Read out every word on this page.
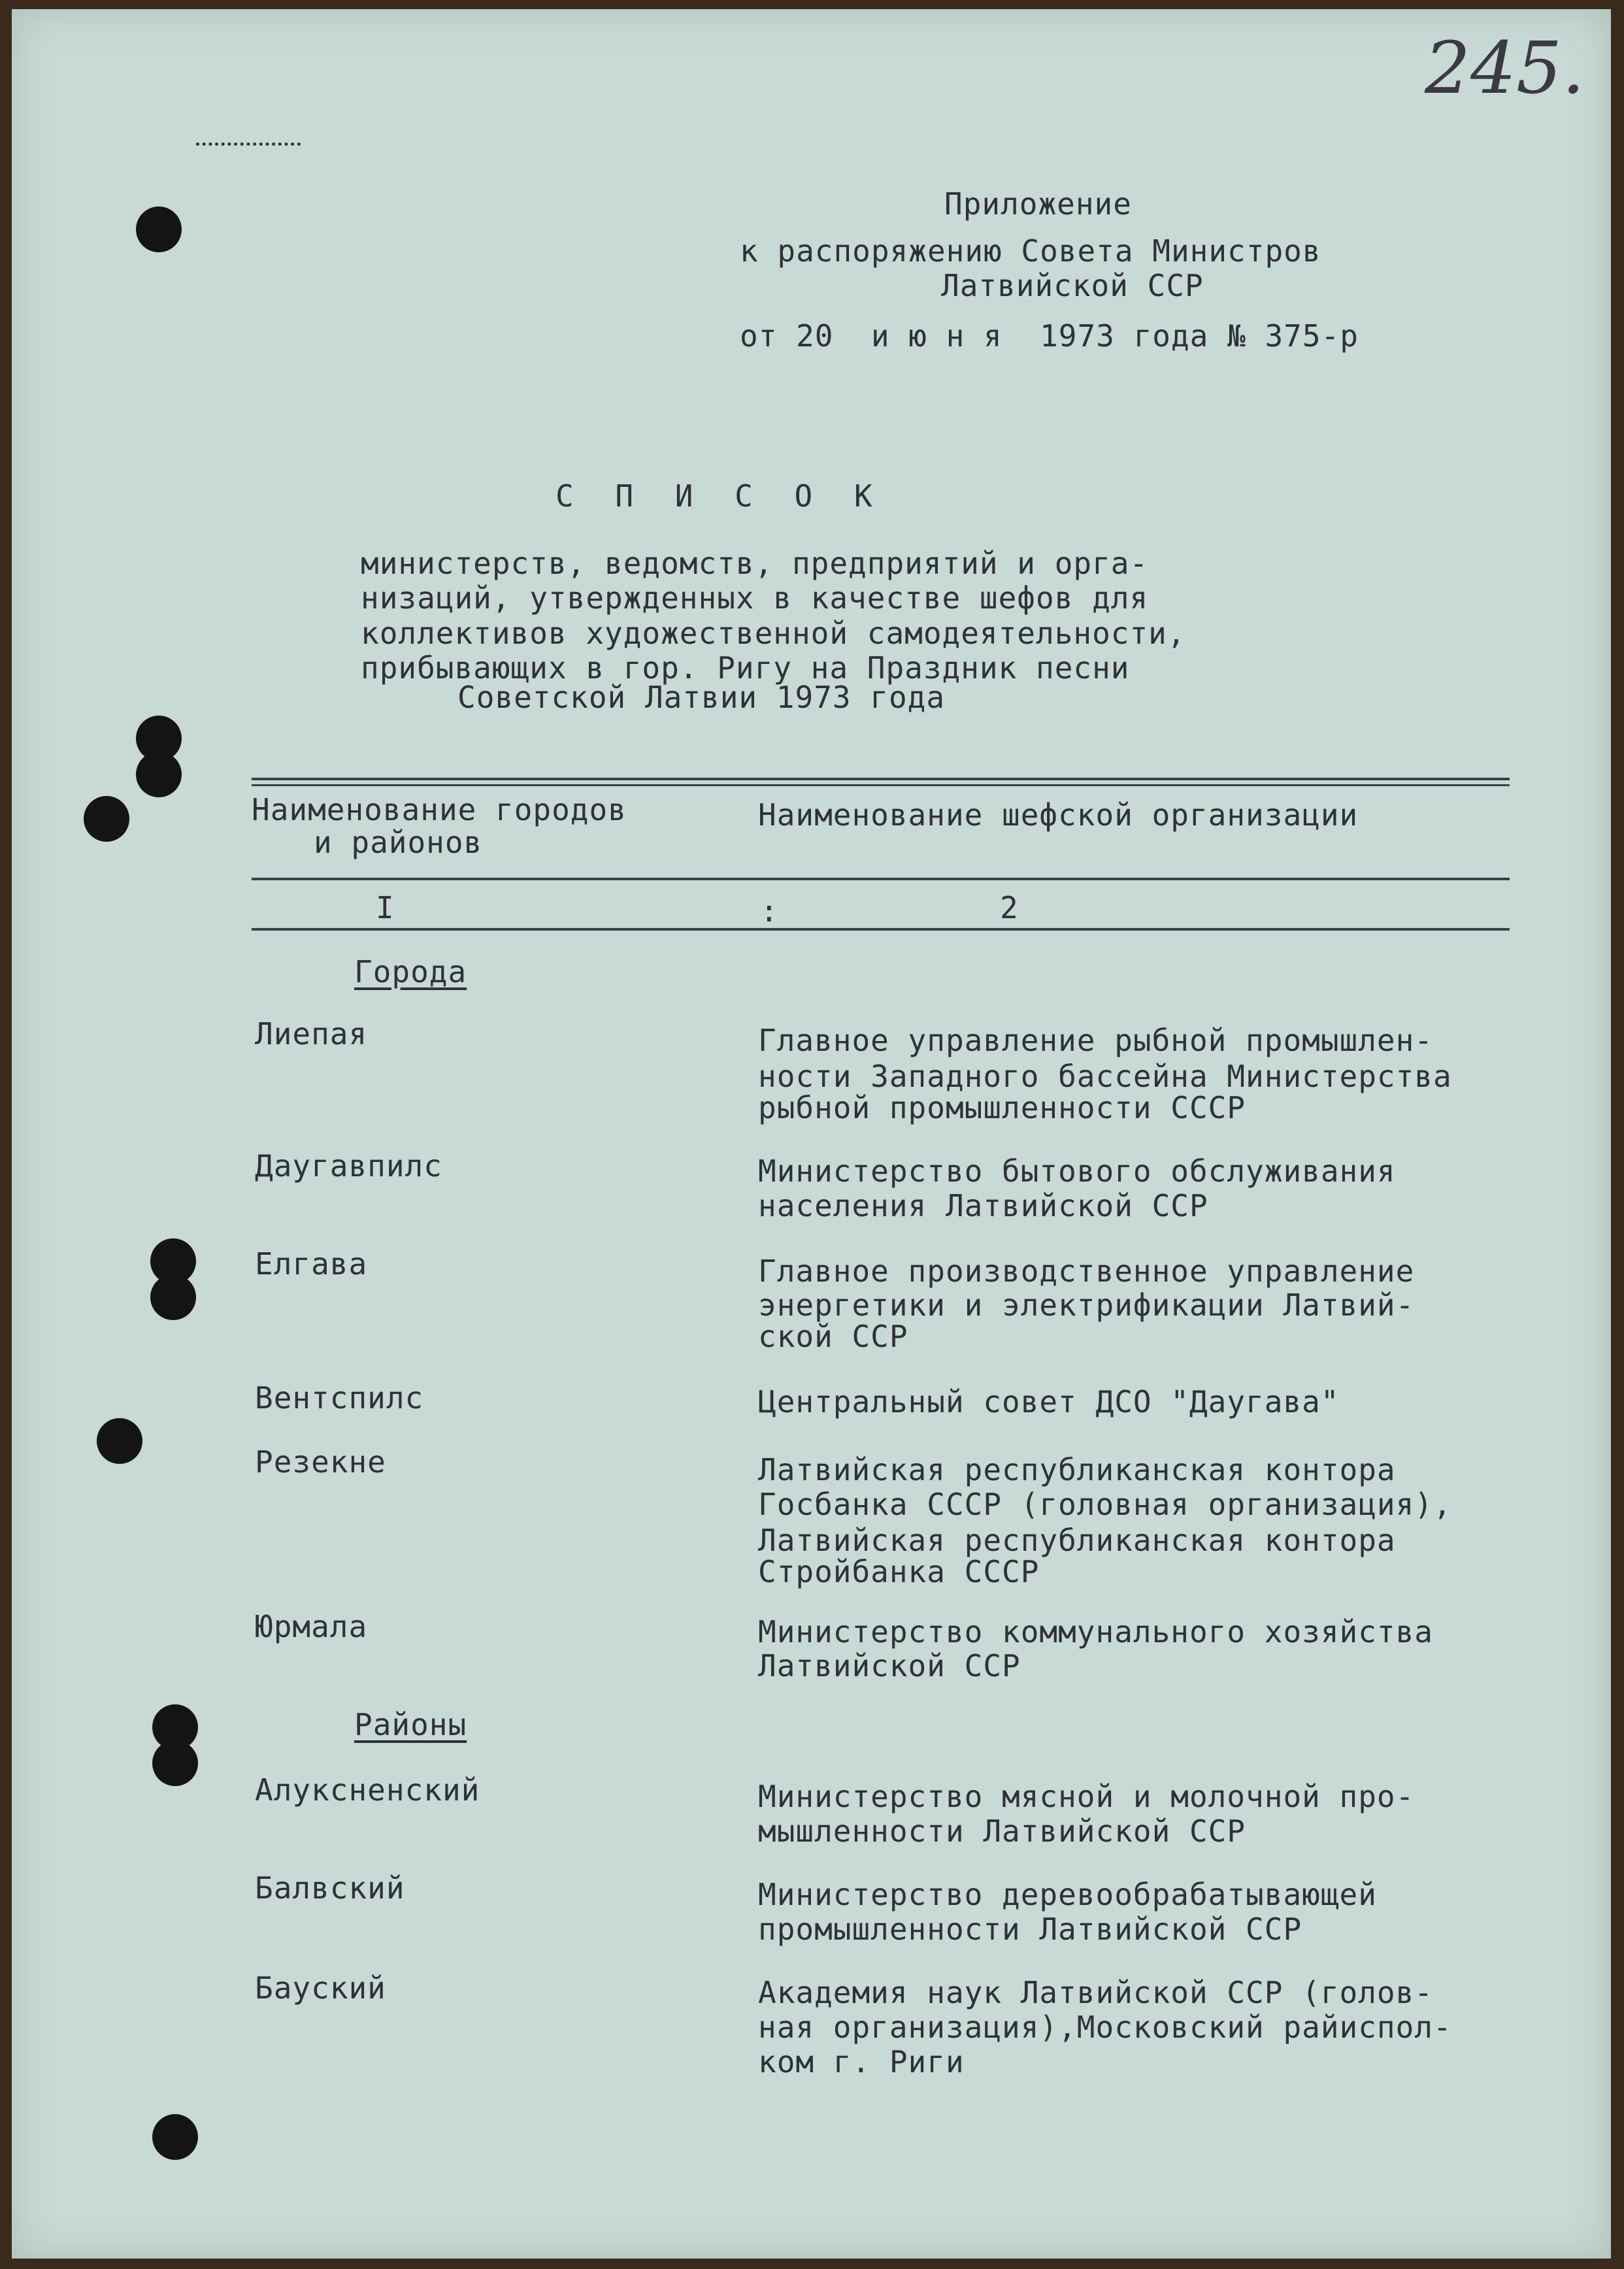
245.
Приложение
к распоряжению Совета Министров
Латвийской ССР
от 20  и ю н я  1973 года № 375-р
С П И С О К
министерств, ведомств, предприятий и орга-
низаций, утвержденных в качестве шефов для
коллективов художественной самодеятельности,
прибывающих в гор. Ригу на Праздник песни
Советской Латвии 1973 года
Наименование городов
и районов
Наименование шефской организации
I	:	2
Города
Лиепая	Главное управление рыбной промышлен-
ности Западного бассейна Министерства
рыбной промышленности СССР
Даугавпилс	Министерство бытового обслуживания
населения Латвийской ССР
Елгава	Главное производственное управление
энергетики и электрификации Латвий-
ской ССР
Вентспилс	Центральный совет ДСО "Даугава"
Резекне	Латвийская республиканская контора
Госбанка СССР (головная организация),
Латвийская республиканская контора
Стройбанка СССР
Юрмала	Министерство коммунального хозяйства
Латвийской ССР
Районы
Алуксненский	Министерство мясной и молочной про-
мышленности Латвийской ССР
Балвский	Министерство деревообрабатывающей
промышленности Латвийской ССР
Бауский	Академия наук Латвийской ССР (голов-
ная организация),Московский райиспол-
ком г. Риги
